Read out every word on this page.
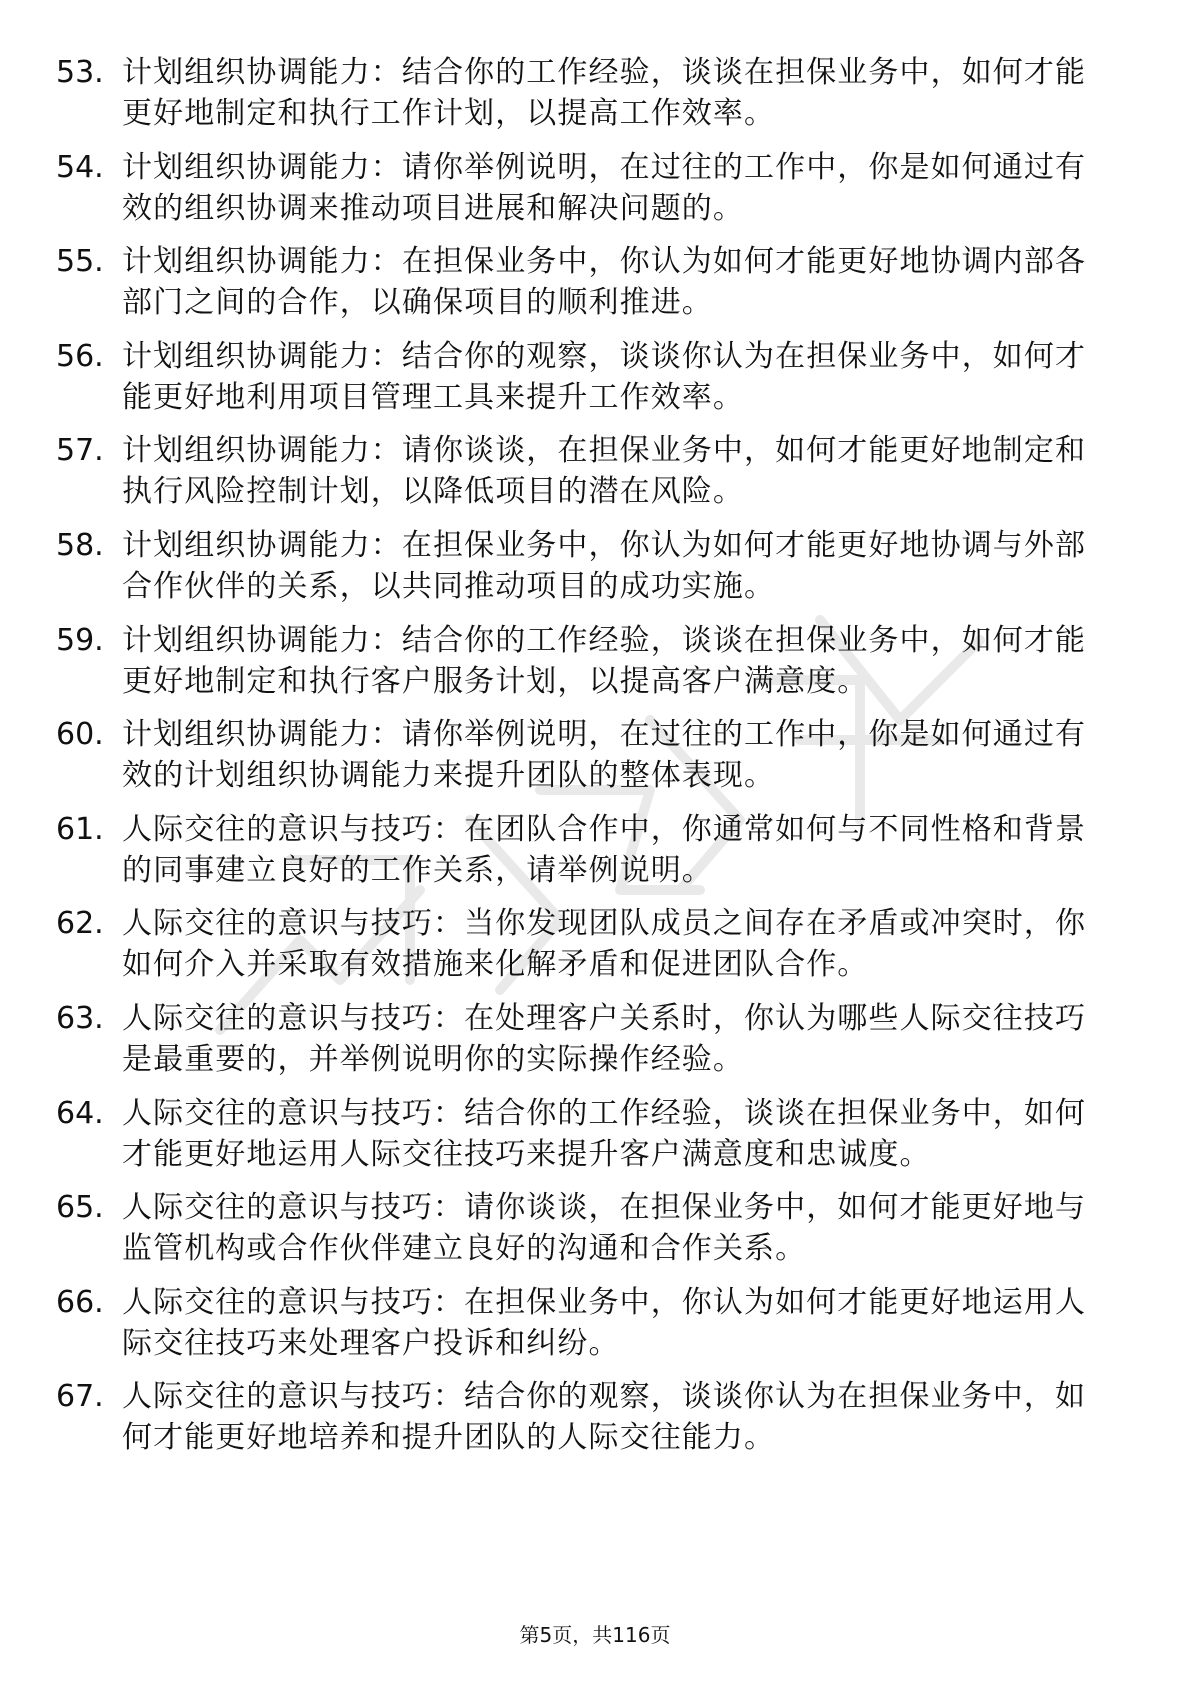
53. 计划组织协调能力：结合你的工作经验，谈谈在担保业务中，如何才能更好地制定和执行工作计划，以提高工作效率。
54. 计划组织协调能力：请你举例说明，在过往的工作中，你是如何通过有效的组织协调来推动项目进展和解决问题的。
55. 计划组织协调能力：在担保业务中，你认为如何才能更好地协调内部各部门之间的合作，以确保项目的顺利推进。
56. 计划组织协调能力：结合你的观察，谈谈你认为在担保业务中，如何才能更好地利用项目管理工具来提升工作效率。
57. 计划组织协调能力：请你谈谈，在担保业务中，如何才能更好地制定和执行风险控制计划，以降低项目的潜在风险。
58. 计划组织协调能力：在担保业务中，你认为如何才能更好地协调与外部合作伙伴的关系，以共同推动项目的成功实施。
59. 计划组织协调能力：结合你的工作经验，谈谈在担保业务中，如何才能更好地制定和执行客户服务计划，以提高客户满意度。
60. 计划组织协调能力：请你举例说明，在过往的工作中，你是如何通过有效的计划组织协调能力来提升团队的整体表现。
61. 人际交往的意识与技巧：在团队合作中，你通常如何与不同性格和背景的同事建立良好的工作关系，请举例说明。
62. 人际交往的意识与技巧：当你发现团队成员之间存在矛盾或冲突时，你如何介入并采取有效措施来化解矛盾和促进团队合作。
63. 人际交往的意识与技巧：在处理客户关系时，你认为哪些人际交往技巧是最重要的，并举例说明你的实际操作经验。
64. 人际交往的意识与技巧：结合你的工作经验，谈谈在担保业务中，如何才能更好地运用人际交往技巧来提升客户满意度和忠诚度。
65. 人际交往的意识与技巧：请你谈谈，在担保业务中，如何才能更好地与监管机构或合作伙伴建立良好的沟通和合作关系。
66. 人际交往的意识与技巧：在担保业务中，你认为如何才能更好地运用人际交往技巧来处理客户投诉和纠纷。
67. 人际交往的意识与技巧：结合你的观察，谈谈你认为在担保业务中，如何才能更好地培养和提升团队的人际交往能力。
第5页，共116页
